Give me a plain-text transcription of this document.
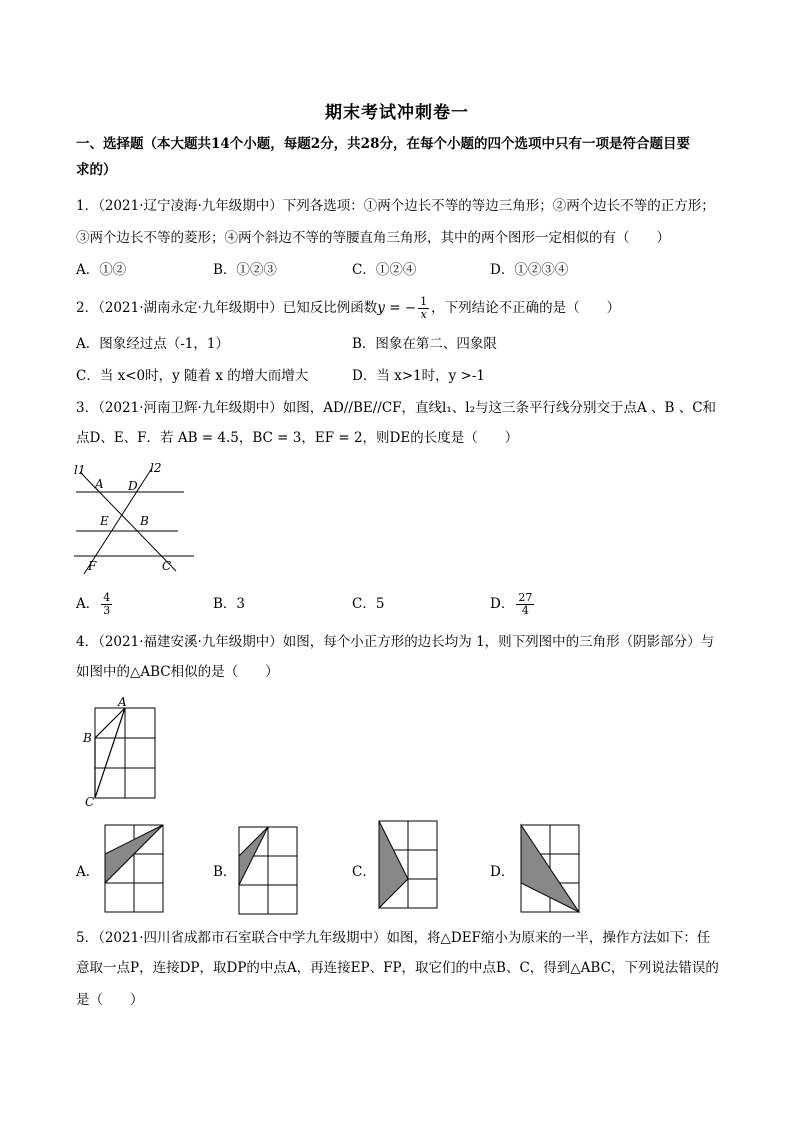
期末考试冲刺卷一
一、选择题（本大题共14个小题，每题2分，共28分，在每个小题的四个选项中只有一项是符合题目要
求的）
1．（2021·辽宁凌海·九年级期中）下列各选项：①两个边长不等的等边三角形；②两个边长不等的正方形；
③两个边长不等的菱形；④两个斜边不等的等腰直角三角形，其中的两个图形一定相似的有（　　）
A．①②	B．①②③	C．①②④	D．①②③④
2．（2021·湖南永定·九年级期中）已知反比例函数y = − $\frac{1}{x}$ ，下列结论不正确的是（　　）
A．图象经过点（-1，1）	B．图象在第二、四象限
C．当 x<0时，y 随着 x 的增大而增大	D．当 x>1时，y >-1
3．（2021·河南卫辉·九年级期中）如图，AD//BE//CF，直线l₁、l₂与这三条平行线分别交于点A 、B 、C和
点D、E、F．若 AB = 4.5，BC = 3，EF = 2，则DE的长度是（　　）
l1	l2
A D
E	B
F	C
A． $\frac{4}{3}$	B．3	C．5	D． $\frac{27}{4}$
4．（2021·福建安溪·九年级期中）如图，每个小正方形的边长均为 1，则下列图中的三角形（阴影部分）与
如图中的△ABC相似的是（　　）
A
B
C
A．	B．	C．	D．
5．（2021·四川省成都市石室联合中学九年级期中）如图，将△DEF缩小为原来的一半，操作方法如下：任
意取一点P，连接DP，取DP的中点A，再连接EP、FP，取它们的中点B、C，得到△ABC，下列说法错误的
是（　　）
